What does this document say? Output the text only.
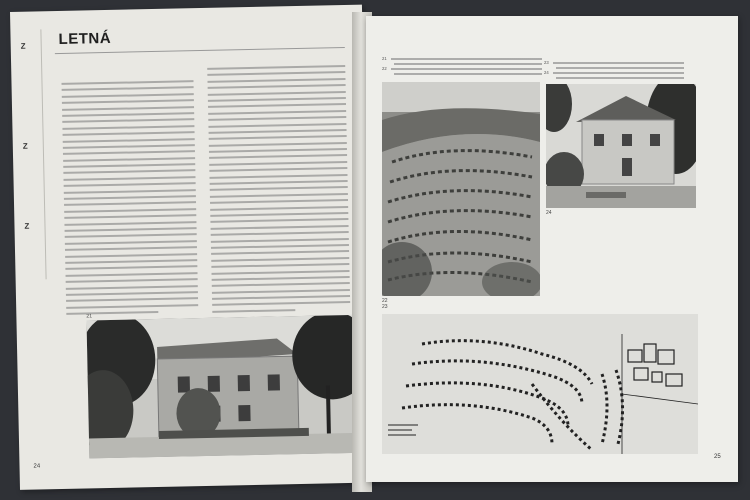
Z
Z
Z
LETNÁ
21
24
21
22
23
24
22
24
23
25
